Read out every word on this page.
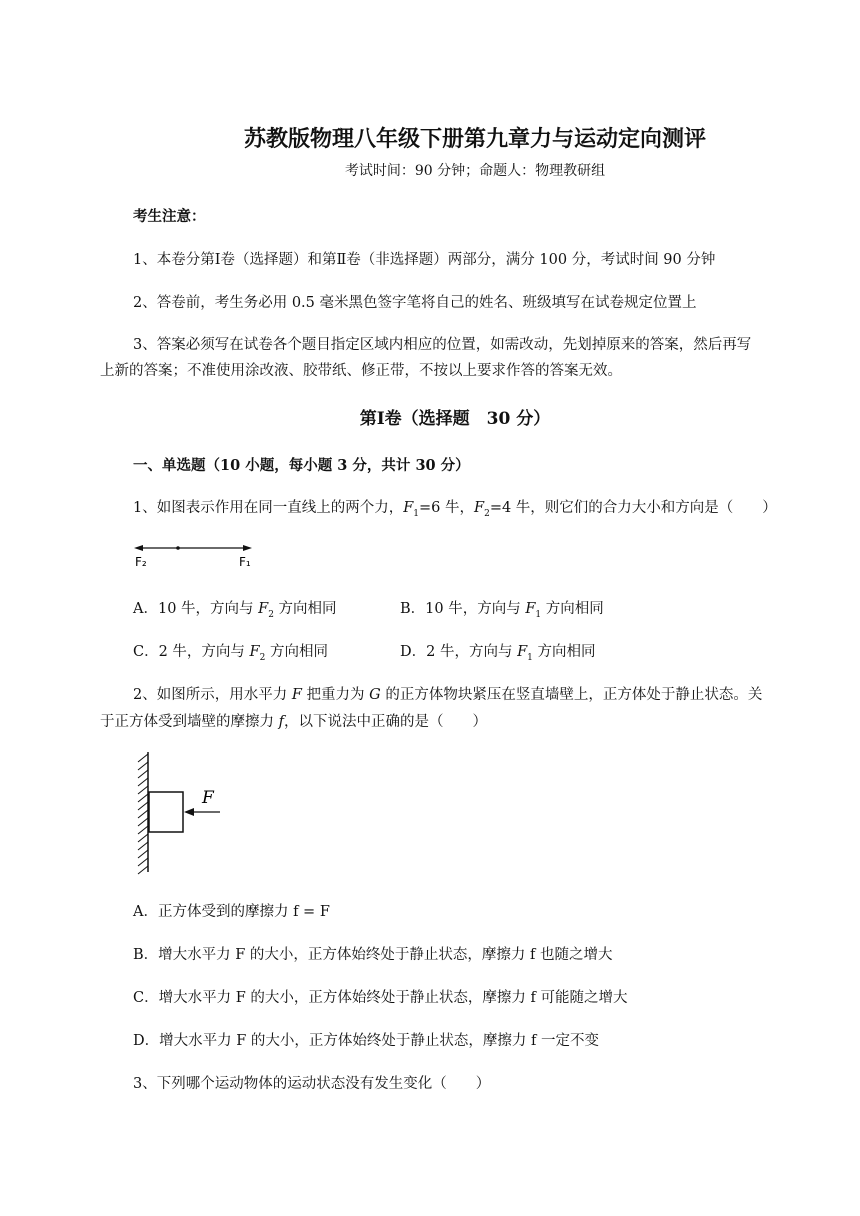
苏教版物理八年级下册第九章力与运动定向测评
考试时间：90 分钟；命题人：物理教研组
考生注意：
1、本卷分第Ⅰ卷（选择题）和第Ⅱ卷（非选择题）两部分，满分 100 分，考试时间 90 分钟
2、答卷前，考生务必用 0.5 毫米黑色签字笔将自己的姓名、班级填写在试卷规定位置上
3、答案必须写在试卷各个题目指定区域内相应的位置，如需改动，先划掉原来的答案，然后再写
上新的答案；不准使用涂改液、胶带纸、修正带，不按以上要求作答的答案无效。
第Ⅰ卷（选择题　30 分）
一、单选题（10 小题，每小题 3 分，共计 30 分）
1、如图表示作用在同一直线上的两个力，$F_1=6$ 牛，$F_2=4$ 牛，则它们的合力大小和方向是（　　）
F₂	F₁
A．10 牛，方向与 $F_2$ 方向相同	B．10 牛，方向与 $F_1$ 方向相同
C．2 牛，方向与 $F_2$ 方向相同	D．2 牛，方向与 $F_1$ 方向相同
2、如图所示，用水平力 F 把重力为 G 的正方体物块紧压在竖直墙壁上，正方体处于静止状态。关
于正方体受到墙壁的摩擦力 f，以下说法中正确的是（　　）
F
A．正方体受到的摩擦力 f = F
B．增大水平力 F 的大小，正方体始终处于静止状态，摩擦力 f 也随之增大
C．增大水平力 F 的大小，正方体始终处于静止状态，摩擦力 f 可能随之增大
D．增大水平力 F 的大小，正方体始终处于静止状态，摩擦力 f 一定不变
3、下列哪个运动物体的运动状态没有发生变化（　　）
